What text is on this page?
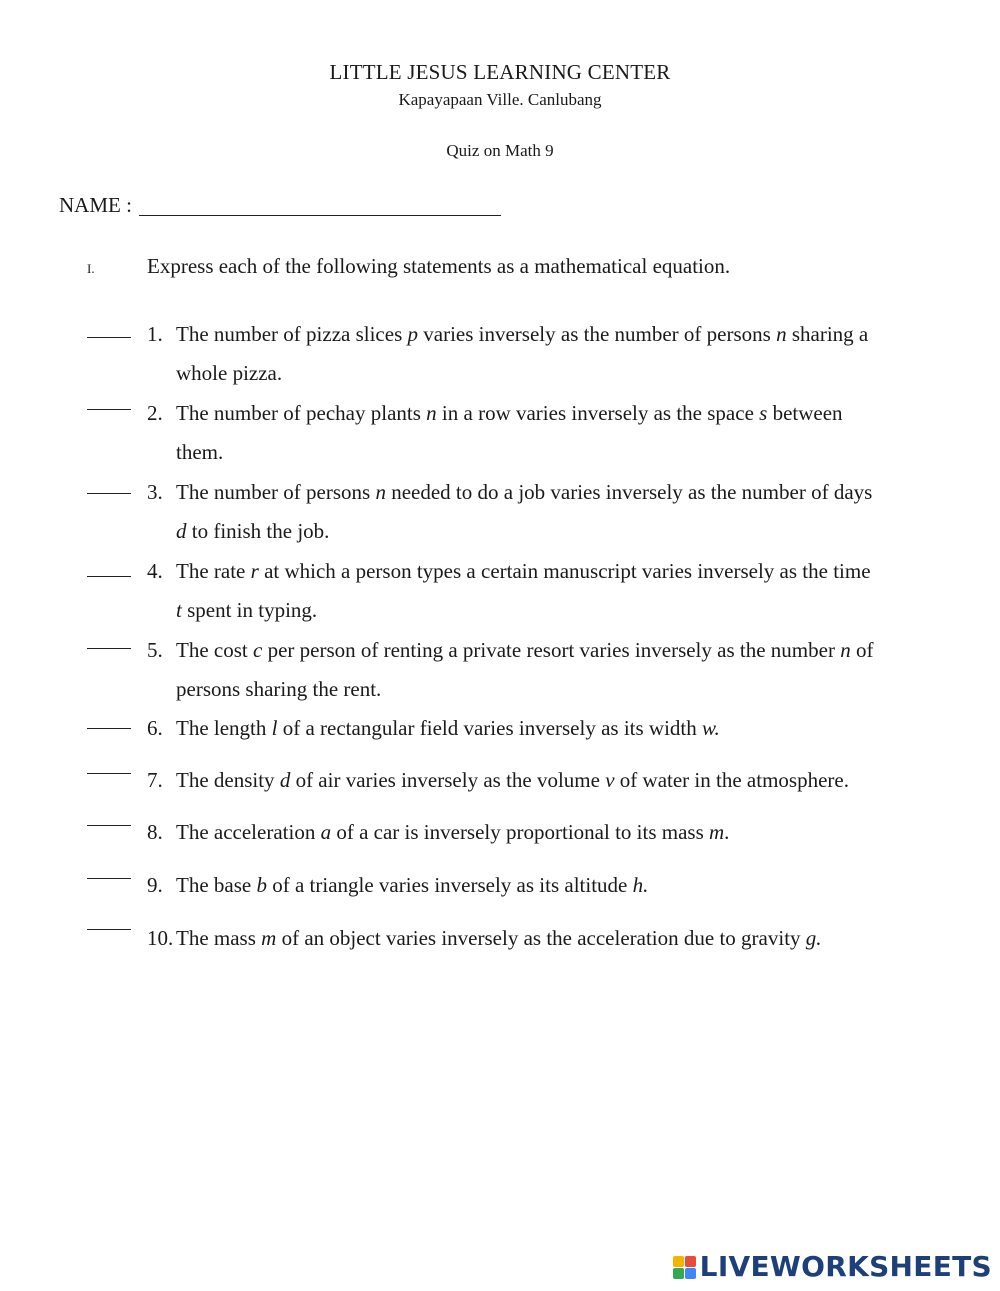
LITTLE JESUS LEARNING CENTER
Kapayapaan Ville. Canlubang
Quiz on Math 9
NAME :
I. Express each of the following statements as a mathematical equation.
1. The number of pizza slices p varies inversely as the number of persons n sharing a
whole pizza.
2. The number of pechay plants n in a row varies inversely as the space s between
them.
3. The number of persons n needed to do a job varies inversely as the number of days
d to finish the job.
4. The rate r at which a person types a certain manuscript varies inversely as the time
t spent in typing.
5. The cost c per person of renting a private resort varies inversely as the number n of
persons sharing the rent.
6. The length l of a rectangular field varies inversely as its width w.
7. The density d of air varies inversely as the volume v of water in the atmosphere.
8. The acceleration a of a car is inversely proportional to its mass m.
9. The base b of a triangle varies inversely as its altitude h.
10. The mass m of an object varies inversely as the acceleration due to gravity g.
LIVEWORKSHEETS
